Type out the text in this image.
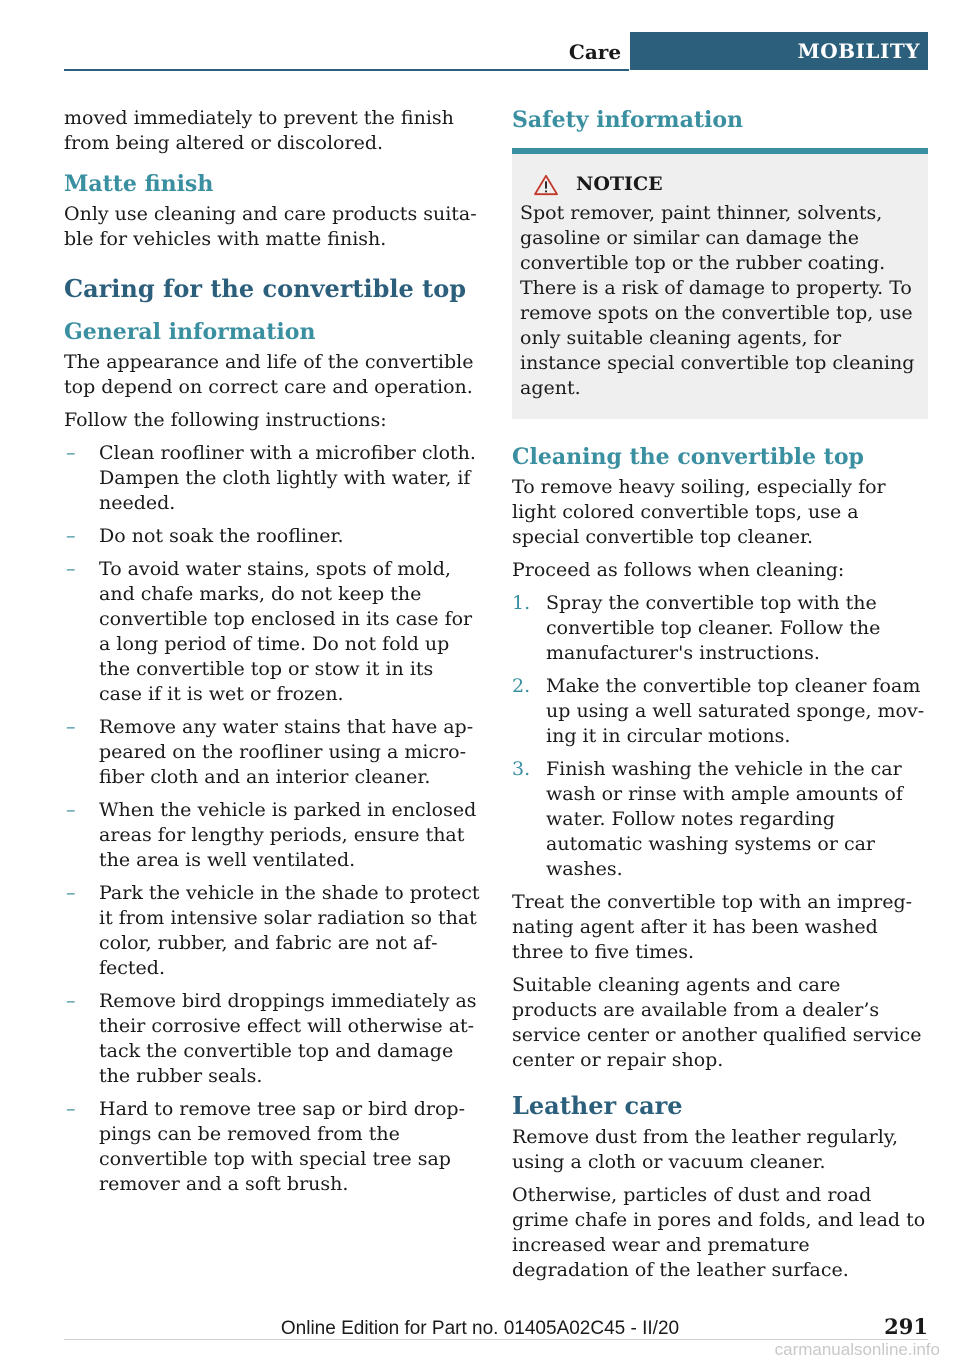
Care	MOBILITY

moved immediately to prevent the finish from being altered or discolored.

Matte finish

Only use cleaning and care products suitable for vehicles with matte finish.

Caring for the convertible top
General information

The appearance and life of the convertible top depend on correct care and operation.

Follow the following instructions:

– Clean roofliner with a microfiber cloth. Dampen the cloth lightly with water, if needed.
– Do not soak the roofliner.
– To avoid water stains, spots of mold, and chafe marks, do not keep the convertible top enclosed in its case for a long period of time. Do not fold up the convertible top or stow it in its case if it is wet or frozen.
– Remove any water stains that have appeared on the roofliner using a microfiber cloth and an interior cleaner.
– When the vehicle is parked in enclosed areas for lengthy periods, ensure that the area is well ventilated.
– Park the vehicle in the shade to protect it from intensive solar radiation so that color, rubber, and fabric are not affected.
– Remove bird droppings immediately as their corrosive effect will otherwise attack the convertible top and damage the rubber seals.
– Hard to remove tree sap or bird droppings can be removed from the convertible top with special tree sap remover and a soft brush.
Safety information
NOTICE

Spot remover, paint thinner, solvents, gasoline or similar can damage the convertible top or the rubber coating. There is a risk of damage to property. To remove spots on the convertible top, use only suitable cleaning agents, for instance special convertible top cleaning agent.

Cleaning the convertible top

To remove heavy soiling, especially for light colored convertible tops, use a special convertible top cleaner.

Proceed as follows when cleaning:

1. Spray the convertible top with the convertible top cleaner. Follow the manufacturer's instructions.
2. Make the convertible top cleaner foam up using a well saturated sponge, moving it in circular motions.
3. Finish washing the vehicle in the car wash or rinse with ample amounts of water. Follow notes regarding automatic washing systems or car washes.

Treat the convertible top with an impregnating agent after it has been washed three to five times.

Suitable cleaning agents and care products are available from a dealer’s service center or another qualified service center or repair shop.

Leather care

Remove dust from the leather regularly, using a cloth or vacuum cleaner.

Otherwise, particles of dust and road grime chafe in pores and folds, and lead to increased wear and premature degradation of the leather surface.

Online Edition for Part no. 01405A02C45 - II/20	291
carmanualsonline.info
